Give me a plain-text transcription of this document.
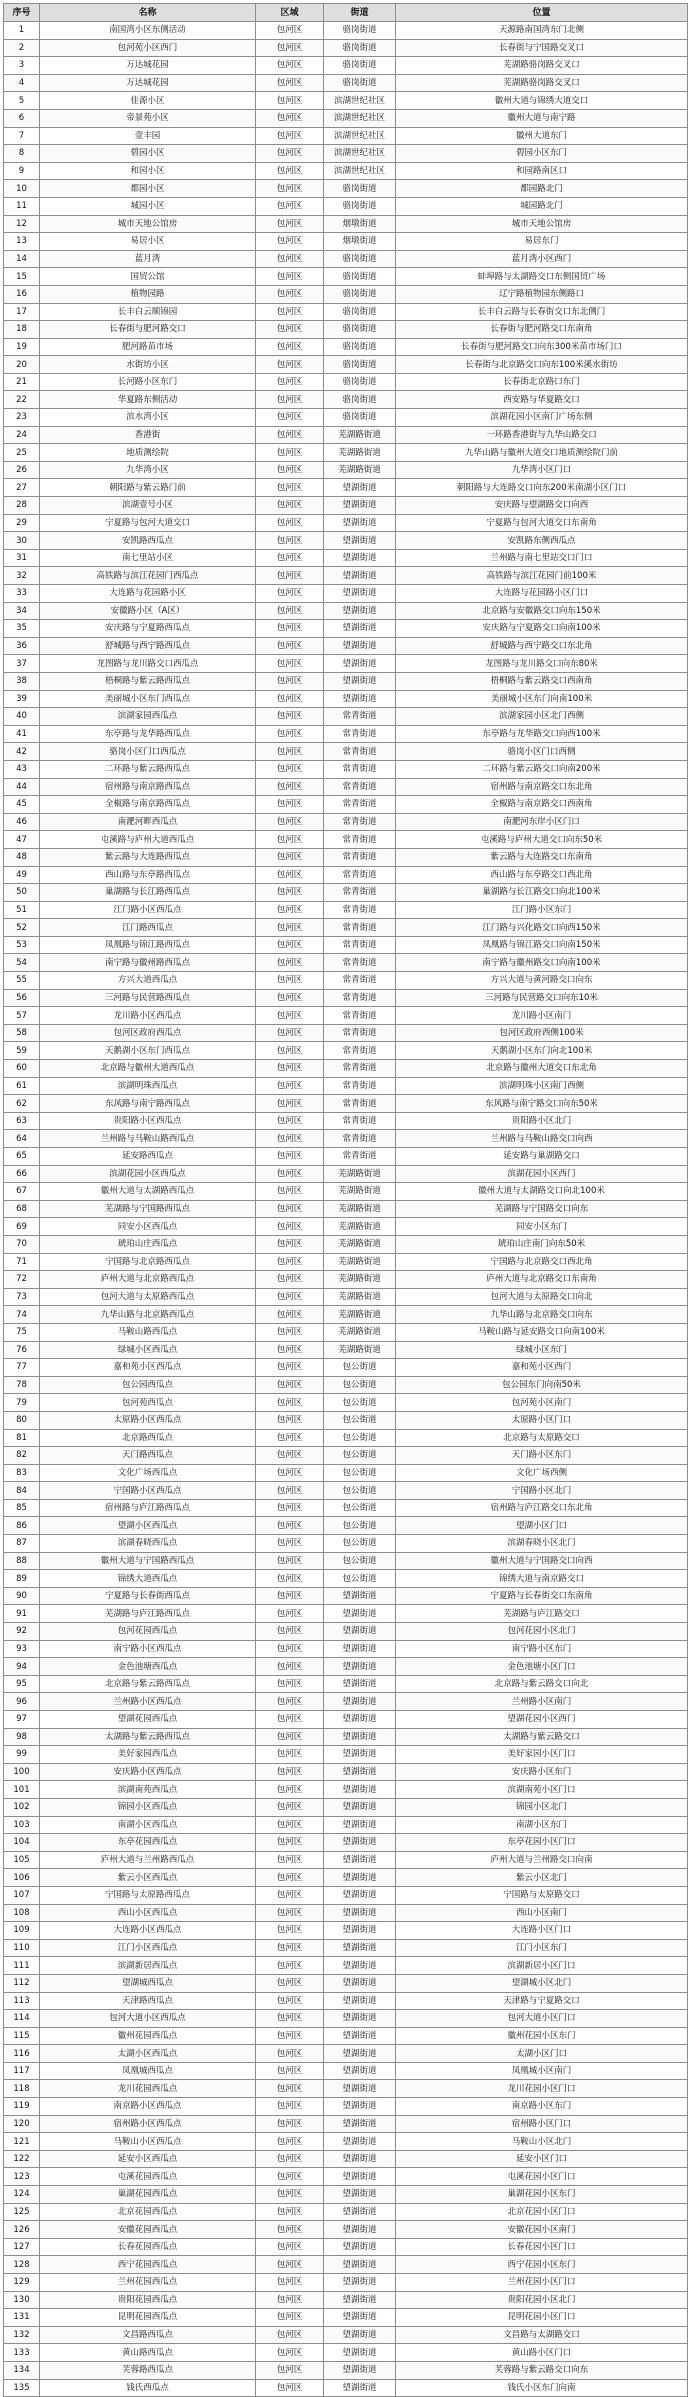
序号	名称	区域	街道	位置
1	南国湾小区东侧活动	包河区	骆岗街道	天源路南国湾东门北侧
2	包河苑小区西门	包河区	骆岗街道	长春街与宁国路交叉口
3	万达城花园	包河区	骆岗街道	芜湖路骆岗路交叉口
4	万达城花园	包河区	骆岗街道	芜湖路骆岗路交叉口
5	佳源小区	包河区	滨湖世纪社区	徽州大道与锦绣大道交口
6	帝景苑小区	包河区	滨湖世纪社区	徽州大道与南宁路
7	壹丰园	包河区	滨湖世纪社区	徽州大道东门
8	碧园小区	包河区	滨湖世纪社区	碧园小区东门
9	和园小区	包河区	滨湖世纪社区	和园路南区口
10	都园小区	包河区	骆岗街道	都园路北门
11	城园小区	包河区	骆岗街道	城园路北门
12	城市天地公馆房	包河区	烟墩街道	城市天地公馆房
13	易居小区	包河区	烟墩街道	易居东门
14	蓝月湾	包河区	骆岗街道	蓝月湾小区西门
15	国贸公馆	包河区	骆岗街道	蚌埠路与太湖路交口东侧国贸广场
16	植物园路	包河区	骆岗街道	辽宁路植物园东侧路口
17	长丰白云顺锦园	包河区	骆岗街道	长丰白云路与长春街交口东北侧门
18	长春街与肥河路交口	包河区	骆岗街道	长春街与肥河路交口东南角
19	肥河路苗市场	包河区	骆岗街道	长春街与肥河路交口向东300米苗市场门口
20	水街坊小区	包河区	骆岗街道	长春街与北京路交口向东100米溪水街坊
21	长河路小区东门	包河区	骆岗街道	长春街北京路口东门
22	华夏路东侧活动	包河区	骆岗街道	西安路与华夏路交口
23	滨水湾小区	包河区	骆岗街道	滨湖花园小区南门广场东侧
24	香港街	包河区	芜湖路街道	一环路香港街与九华山路交口
25	地质测绘院	包河区	芜湖路街道	九华山路与徽州大道交口地质测绘院门前
26	九华湾小区	包河区	芜湖路街道	九华湾小区门口
27	朝阳路与紫云路门前	包河区	望湖街道	朝阳路与大连路交口向东200米南湖小区门口
28	滨湖壹号小区	包河区	望湖街道	安庆路与望湖路交口向西
29	宁夏路与包河大道交口	包河区	望湖街道	宁夏路与包河大道交口东南角
30	安凯路西瓜点	包河区	望湖街道	安凯路东侧西瓜点
31	南七里站小区	包河区	望湖街道	兰州路与南七里站交口门口
32	高铁路与滨江花园门西瓜点	包河区	望湖街道	高铁路与滨江花园门前100米
33	大连路与花园路小区	包河区	望湖街道	大连路与花园路小区门口
34	安徽路小区（A区）	包河区	望湖街道	北京路与安徽路交口向东150米
35	安庆路与宁夏路西瓜点	包河区	望湖街道	安庆路与宁夏路交口向南100米
36	舒城路与西宁路西瓜点	包河区	望湖街道	舒城路与西宁路交口东北角
37	龙图路与龙川路交口西瓜点	包河区	望湖街道	龙图路与龙川路交口向东80米
38	梧桐路与紫云路西瓜点	包河区	望湖街道	梧桐路与紫云路交口西南角
39	美丽城小区东门西瓜点	包河区	望湖街道	美丽城小区东门向南100米
40	滨湖家园西瓜点	包河区	常青街道	滨湖家园小区北门西侧
41	东亭路与龙华路西瓜点	包河区	常青街道	东亭路与龙华路交口向西100米
42	骆岗小区门口西瓜点	包河区	常青街道	骆岗小区门口西侧
43	二环路与紫云路西瓜点	包河区	常青街道	二环路与紫云路交口向南200米
44	宿州路与南京路西瓜点	包河区	常青街道	宿州路与南京路交口东北角
45	全椒路与南京路西瓜点	包河区	常青街道	全椒路与南京路交口西南角
46	南淝河畔西瓜点	包河区	常青街道	南淝河东岸小区门口
47	屯溪路与庐州大道西瓜点	包河区	常青街道	屯溪路与庐州大道交口向东50米
48	紫云路与大连路西瓜点	包河区	常青街道	紫云路与大连路交口东南角
49	西山路与东亭路西瓜点	包河区	常青街道	西山路与东亭路交口西北角
50	巢湖路与长江路西瓜点	包河区	常青街道	巢湖路与长江路交口向北100米
51	江门路小区西瓜点	包河区	常青街道	江门路小区东门
52	江门路西瓜点	包河区	常青街道	江门路与兴化路交口向西150米
53	凤凰路与锦江路西瓜点	包河区	常青街道	凤凰路与锦江路交口向南150米
54	南宁路与徽州路西瓜点	包河区	常青街道	南宁路与徽州路交口向南100米
55	方兴大道西瓜点	包河区	常青街道	方兴大道与黄河路交口向东
56	三河路与民营路西瓜点	包河区	常青街道	三河路与民营路交口向东10米
57	龙川路小区西瓜点	包河区	常青街道	龙川路小区南门
58	包河区政府西瓜点	包河区	常青街道	包河区政府西侧100米
59	天鹅湖小区东门西瓜点	包河区	常青街道	天鹅湖小区东门向北100米
60	北京路与徽州大道西瓜点	包河区	常青街道	北京路与徽州大道交口东北角
61	滨湖明珠西瓜点	包河区	常青街道	滨湖明珠小区南门西侧
62	东风路与南宁路西瓜点	包河区	常青街道	东风路与南宁路交口向东50米
63	贵阳路小区西瓜点	包河区	常青街道	贵阳路小区北门
64	兰州路与马鞍山路西瓜点	包河区	常青街道	兰州路与马鞍山路交口向西
65	延安路西瓜点	包河区	常青街道	延安路与巢湖路交口
66	滨湖花园小区西瓜点	包河区	芜湖路街道	滨湖花园小区西门
67	徽州大道与太湖路西瓜点	包河区	芜湖路街道	徽州大道与太湖路交口向北100米
68	芜湖路与宁国路西瓜点	包河区	芜湖路街道	芜湖路与宁国路交口向东
69	同安小区西瓜点	包河区	芜湖路街道	同安小区东门
70	琥珀山庄西瓜点	包河区	芜湖路街道	琥珀山庄南门向东50米
71	宁国路与北京路西瓜点	包河区	芜湖路街道	宁国路与北京路交口西北角
72	庐州大道与北京路西瓜点	包河区	芜湖路街道	庐州大道与北京路交口东南角
73	包河大道与太原路西瓜点	包河区	芜湖路街道	包河大道与太原路交口向北
74	九华山路与北京路西瓜点	包河区	芜湖路街道	九华山路与北京路交口向东
75	马鞍山路西瓜点	包河区	芜湖路街道	马鞍山路与延安路交口向南100米
76	绿城小区西瓜点	包河区	芜湖路街道	绿城小区东门
77	嘉和苑小区西瓜点	包河区	包公街道	嘉和苑小区西门
78	包公园西瓜点	包河区	包公街道	包公园东门向南50米
79	包河苑西瓜点	包河区	包公街道	包河苑小区南门
80	太原路小区西瓜点	包河区	包公街道	太原路小区门口
81	北京路西瓜点	包河区	包公街道	北京路与太原路交口
82	天门路西瓜点	包河区	包公街道	天门路小区东门
83	文化广场西瓜点	包河区	包公街道	文化广场西侧
84	宁国路小区西瓜点	包河区	包公街道	宁国路小区北门
85	宿州路与庐江路西瓜点	包河区	包公街道	宿州路与庐江路交口东北角
86	望湖小区西瓜点	包河区	包公街道	望湖小区门口
87	滨湖春晓西瓜点	包河区	包公街道	滨湖春晓小区北门
88	徽州大道与宁国路西瓜点	包河区	包公街道	徽州大道与宁国路交口向西
89	锦绣大道西瓜点	包河区	包公街道	锦绣大道与南京路交口
90	宁夏路与长春街西瓜点	包河区	望湖街道	宁夏路与长春街交口东南角
91	芜湖路与庐江路西瓜点	包河区	望湖街道	芜湖路与庐江路交口
92	包河花园西瓜点	包河区	望湖街道	包河花园小区北门
93	南宁路小区西瓜点	包河区	望湖街道	南宁路小区东门
94	金色池塘西瓜点	包河区	望湖街道	金色池塘小区门口
95	北京路与紫云路西瓜点	包河区	望湖街道	北京路与紫云路交口向北
96	兰州路小区西瓜点	包河区	望湖街道	兰州路小区南门
97	望湖花园西瓜点	包河区	望湖街道	望湖花园小区西门
98	太湖路与紫云路西瓜点	包河区	望湖街道	太湖路与紫云路交口
99	美好家园西瓜点	包河区	望湖街道	美好家园小区门口
100	安庆路小区西瓜点	包河区	望湖街道	安庆路小区东门
101	滨湖南苑西瓜点	包河区	望湖街道	滨湖南苑小区门口
102	锦园小区西瓜点	包河区	望湖街道	锦园小区北门
103	南湖小区西瓜点	包河区	望湖街道	南湖小区东门
104	东亭花园西瓜点	包河区	望湖街道	东亭花园小区门口
105	庐州大道与兰州路西瓜点	包河区	望湖街道	庐州大道与兰州路交口向南
106	紫云小区西瓜点	包河区	望湖街道	紫云小区北门
107	宁国路与太原路西瓜点	包河区	望湖街道	宁国路与太原路交口
108	西山小区西瓜点	包河区	望湖街道	西山小区南门
109	大连路小区西瓜点	包河区	望湖街道	大连路小区门口
110	江门小区西瓜点	包河区	望湖街道	江门小区东门
111	滨湖新居西瓜点	包河区	望湖街道	滨湖新居小区门口
112	望湖城西瓜点	包河区	望湖街道	望湖城小区北门
113	天津路西瓜点	包河区	望湖街道	天津路与宁夏路交口
114	包河大道小区西瓜点	包河区	望湖街道	包河大道小区门口
115	徽州花园西瓜点	包河区	望湖街道	徽州花园小区东门
116	太湖小区西瓜点	包河区	望湖街道	太湖小区门口
117	凤凰城西瓜点	包河区	望湖街道	凤凰城小区南门
118	龙川花园西瓜点	包河区	望湖街道	龙川花园小区门口
119	南京路小区西瓜点	包河区	望湖街道	南京路小区东门
120	宿州路小区西瓜点	包河区	望湖街道	宿州路小区门口
121	马鞍山小区西瓜点	包河区	望湖街道	马鞍山小区北门
122	延安小区西瓜点	包河区	望湖街道	延安小区门口
123	屯溪花园西瓜点	包河区	望湖街道	屯溪花园小区门口
124	巢湖花园西瓜点	包河区	望湖街道	巢湖花园小区东门
125	北京花园西瓜点	包河区	望湖街道	北京花园小区门口
126	安徽花园西瓜点	包河区	望湖街道	安徽花园小区南门
127	长春花园西瓜点	包河区	望湖街道	长春花园小区门口
128	西宁花园西瓜点	包河区	望湖街道	西宁花园小区东门
129	兰州花园西瓜点	包河区	望湖街道	兰州花园小区门口
130	贵阳花园西瓜点	包河区	望湖街道	贵阳花园小区北门
131	昆明花园西瓜点	包河区	望湖街道	昆明花园小区门口
132	文昌路西瓜点	包河区	望湖街道	文昌路与太湖路交口
133	黄山路西瓜点	包河区	望湖街道	黄山路小区门口
134	芙蓉路西瓜点	包河区	望湖街道	芙蓉路与紫云路交口向东
135	钱氏西瓜点	包河区	望湖街道	钱氏小区东门向南
